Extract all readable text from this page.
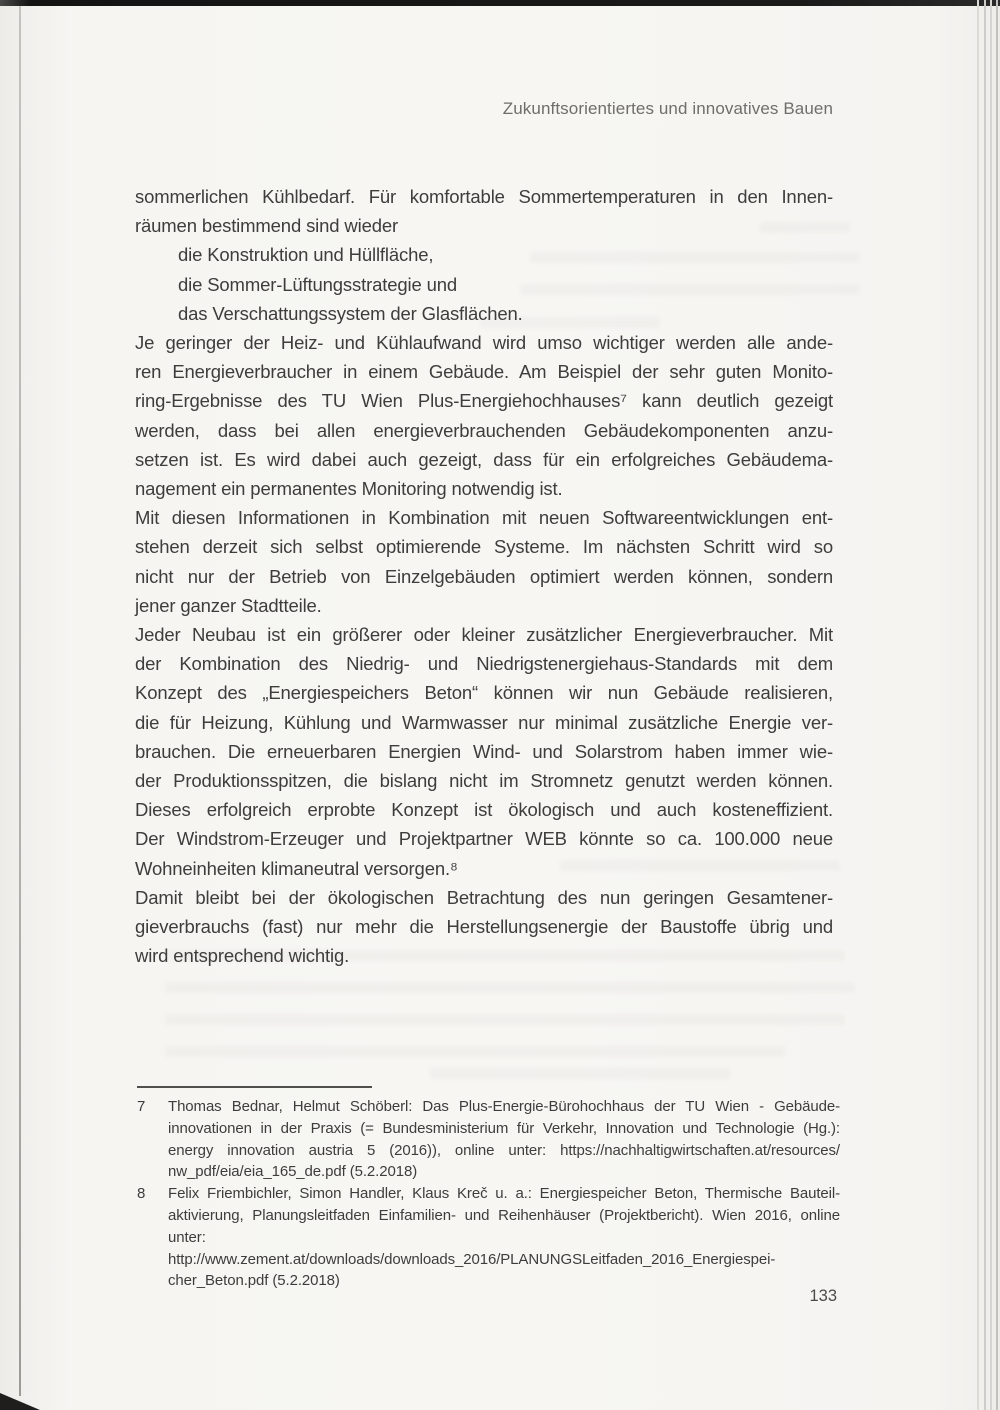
Zukunftsorientiertes und innovatives Bauen
sommerlichen Kühlbedarf. Für komfortable Sommertemperaturen in den Innen-
räumen bestimmend sind wieder
die Konstruktion und Hüllfläche,
die Sommer-Lüftungsstrategie und
das Verschattungssystem der Glasflächen.
Je geringer der Heiz- und Kühlaufwand wird umso wichtiger werden alle ande-
ren Energieverbraucher in einem Gebäude. Am Beispiel der sehr guten Monito-
ring-Ergebnisse des TU Wien Plus-Energiehochhauses⁷ kann deutlich gezeigt
werden, dass bei allen energieverbrauchenden Gebäudekomponenten anzu-
setzen ist. Es wird dabei auch gezeigt, dass für ein erfolgreiches Gebäudema-
nagement ein permanentes Monitoring notwendig ist.
Mit diesen Informationen in Kombination mit neuen Softwareentwicklungen ent-
stehen derzeit sich selbst optimierende Systeme. Im nächsten Schritt wird so
nicht nur der Betrieb von Einzelgebäuden optimiert werden können, sondern
jener ganzer Stadtteile.
Jeder Neubau ist ein größerer oder kleiner zusätzlicher Energieverbraucher. Mit
der Kombination des Niedrig- und Niedrigstenergiehaus-Standards mit dem
Konzept des „Energiespeichers Beton“ können wir nun Gebäude realisieren,
die für Heizung, Kühlung und Warmwasser nur minimal zusätzliche Energie ver-
brauchen. Die erneuerbaren Energien Wind- und Solarstrom haben immer wie-
der Produktionsspitzen, die bislang nicht im Stromnetz genutzt werden können.
Dieses erfolgreich erprobte Konzept ist ökologisch und auch kosteneffizient.
Der Windstrom-Erzeuger und Projektpartner WEB könnte so ca. 100.000 neue
Wohneinheiten klimaneutral versorgen.⁸
Damit bleibt bei der ökologischen Betrachtung des nun geringen Gesamtener-
gieverbrauchs (fast) nur mehr die Herstellungsenergie der Baustoffe übrig und
wird entsprechend wichtig.
7	Thomas Bednar, Helmut Schöberl: Das Plus-Energie-Bürohochhaus der TU Wien - Gebäude-
innovationen in der Praxis (= Bundesministerium für Verkehr, Innovation und Technologie (Hg.):
energy innovation austria 5 (2016)), online unter: https://nachhaltigwirtschaften.at/resources/
nw_pdf/eia/eia_165_de.pdf (5.2.2018)
8	Felix Friembichler, Simon Handler, Klaus Kreč u. a.: Energiespeicher Beton, Thermische Bauteil-
aktivierung, Planungsleitfaden Einfamilien- und Reihenhäuser (Projektbericht). Wien 2016, online
unter:
http://www.zement.at/downloads/downloads_2016/PLANUNGSLeitfaden_2016_Energiespei-
cher_Beton.pdf (5.2.2018)
133
